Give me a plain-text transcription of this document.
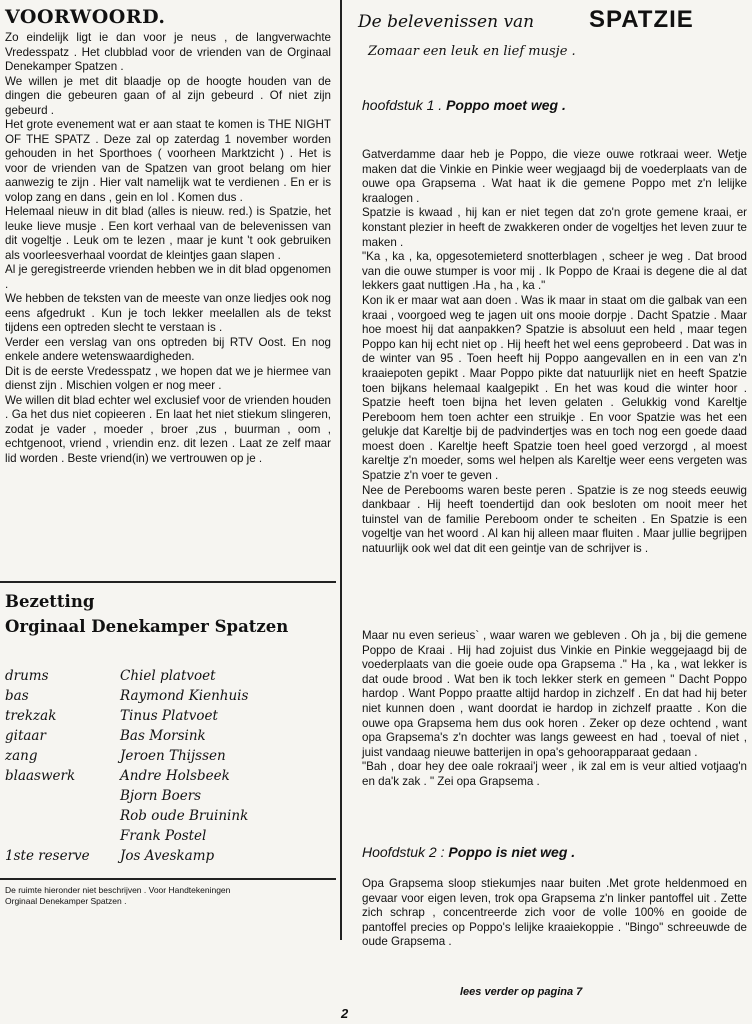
VOORWOORD.

Zo eindelijk ligt ie dan voor je neus , de langverwachte Vredesspatz . Het clubblad voor de vrienden van de Orginaal Denekamper Spatzen .

We willen je met dit blaadje op de hoogte houden van de dingen die gebeuren gaan of al zijn gebeurd . Of niet zijn gebeurd .

Het grote evenement wat er aan staat te komen is THE NIGHT OF THE SPATZ . Deze zal op zaterdag 1 november worden gehouden in het Sporthoes ( voorheen Marktzicht ) . Het is voor de vrienden van de Spatzen van groot belang om hier aanwezig te zijn . Hier valt namelijk wat te verdienen . En er is volop zang en dans , gein en lol . Komen dus .

Helemaal nieuw in dit blad (alles is nieuw. red.) is Spatzie, het leuke lieve musje . Een kort verhaal van de belevenissen van dit vogeltje . Leuk om te lezen , maar je kunt 't ook gebruiken als voorleesverhaal voordat de kleintjes gaan slapen .

Al je geregistreerde vrienden hebben we in dit blad opgenomen .

We hebben de teksten van de meeste van onze liedjes ook nog eens afgedrukt . Kun je toch lekker meelallen als de tekst tijdens een optreden slecht te verstaan is .

Verder een verslag van ons optreden bij RTV Oost. En nog enkele andere wetenswaardigheden.

Dit is de eerste Vredesspatz , we hopen dat we je hiermee van dienst zijn . Mischien volgen er nog meer .

We willen dit blad echter wel exclusief voor de vrienden houden . Ga het dus niet copieeren . En laat het niet stiekum slingeren, zodat je vader , moeder , broer ,zus , buurman , oom , echtgenoot, vriend , vriendin enz. dit lezen . Laat ze zelf maar lid worden . Beste vriend(in) we vertrouwen op je .

Bezetting
Orginaal Denekamper Spatzen
drums	Chiel platvoet
bas	Raymond Kienhuis
trekzak	Tinus Platvoet
gitaar	Bas Morsink
zang	Jeroen Thijssen
blaaswerk	Andre Holsbeek
Bjorn Boers
Rob oude Bruinink
Frank Postel
1ste reserve Jos Aveskamp

De ruimte hieronder niet beschrijven . Voor Handtekeningen

Orginaal Denekamper Spatzen .

De belevenissen van SPATZIE
Zomaar een leuk en lief musje .
hoofdstuk 1 . Poppo moet weg .

Gatverdamme daar heb je Poppo, die vieze ouwe rotkraai weer. Wetje maken dat die Vinkie en Pinkie weer wegjaagd bij de voederplaats van de ouwe opa Grapsema . Wat haat ik die gemene Poppo met z'n lelijke kraalogen .

Spatzie is kwaad , hij kan er niet tegen dat zo'n grote gemene kraai, er konstant plezier in heeft de zwakkeren onder de vogeltjes het leven zuur te maken .

"Ka , ka , ka, opgesotemieterd snotterblagen , scheer je weg . Dat brood van die ouwe stumper is voor mij . Ik Poppo de Kraai is degene die al dat lekkers gaat nuttigen .Ha , ha , ka ."

Kon ik er maar wat aan doen . Was ik maar in staat om die galbak van een kraai , voorgoed weg te jagen uit ons mooie dorpje . Dacht Spatzie . Maar hoe moest hij dat aanpakken? Spatzie is absoluut een held , maar tegen Poppo kan hij echt niet op . Hij heeft het wel eens geprobeerd . Dat was in de winter van 95 . Toen heeft hij Poppo aangevallen en in een van z'n kraaiepoten gepikt . Maar Poppo pikte dat natuurlijk niet en heeft Spatzie toen bijkans helemaal kaalgepikt . En het was koud die winter hoor . Spatzie heeft toen bijna het leven gelaten . Gelukkig vond Kareltje Pereboom hem toen achter een struikje . En voor Spatzie was het een gelukje dat Kareltje bij de padvindertjes was en toch nog een goede daad moest doen . Kareltje heeft Spatzie toen heel goed verzorgd , al moest kareltje z'n moeder, soms wel helpen als Kareltje weer eens vergeten was Spatzie z'n voer te geven .

Nee de Perebooms waren beste peren . Spatzie is ze nog steeds eeuwig dankbaar . Hij heeft toendertijd dan ook besloten om nooit meer het tuinstel van de familie Pereboom onder te scheiten . En Spatzie is een vogeltje van het woord . Al kan hij alleen maar fluiten . Maar jullie begrijpen natuurlijk ook wel dat dit een geintje van de schrijver is .

Maar nu even serieus` , waar waren we gebleven . Oh ja , bij die gemene Poppo de Kraai . Hij had zojuist dus Vinkie en Pinkie weggejaagd bij de voederplaats van die goeie oude opa Grapsema ." Ha , ka , wat lekker is dat oude brood . Wat ben ik toch lekker sterk en gemeen " Dacht Poppo hardop . Want Poppo praatte altijd hardop in zichzelf . En dat had hij beter niet kunnen doen , want doordat ie hardop in zichzelf praatte . Kon die ouwe opa Grapsema hem dus ook horen . Zeker op deze ochtend , want opa Grapsema's z'n dochter was langs geweest en had , toeval of niet , juist vandaag nieuwe batterijen in opa's gehoorapparaat gedaan .

"Bah , doar hey dee oale rokraai'j weer , ik zal em is veur altied votjaag'n en da'k zak . " Zei opa Grapsema .

Hoofdstuk 2 : Poppo is niet weg .

Opa Grapsema sloop stiekumjes naar buiten .Met grote heldenmoed en gevaar voor eigen leven, trok opa Grapsema z'n linker pantoffel uit . Zette zich schrap , concentreerde zich voor de volle 100% en gooide de pantoffel precies op Poppo's lelijke kraaiekoppie . "Bingo" schreeuwde de oude Grapsema .

lees verder op pagina 7
2
